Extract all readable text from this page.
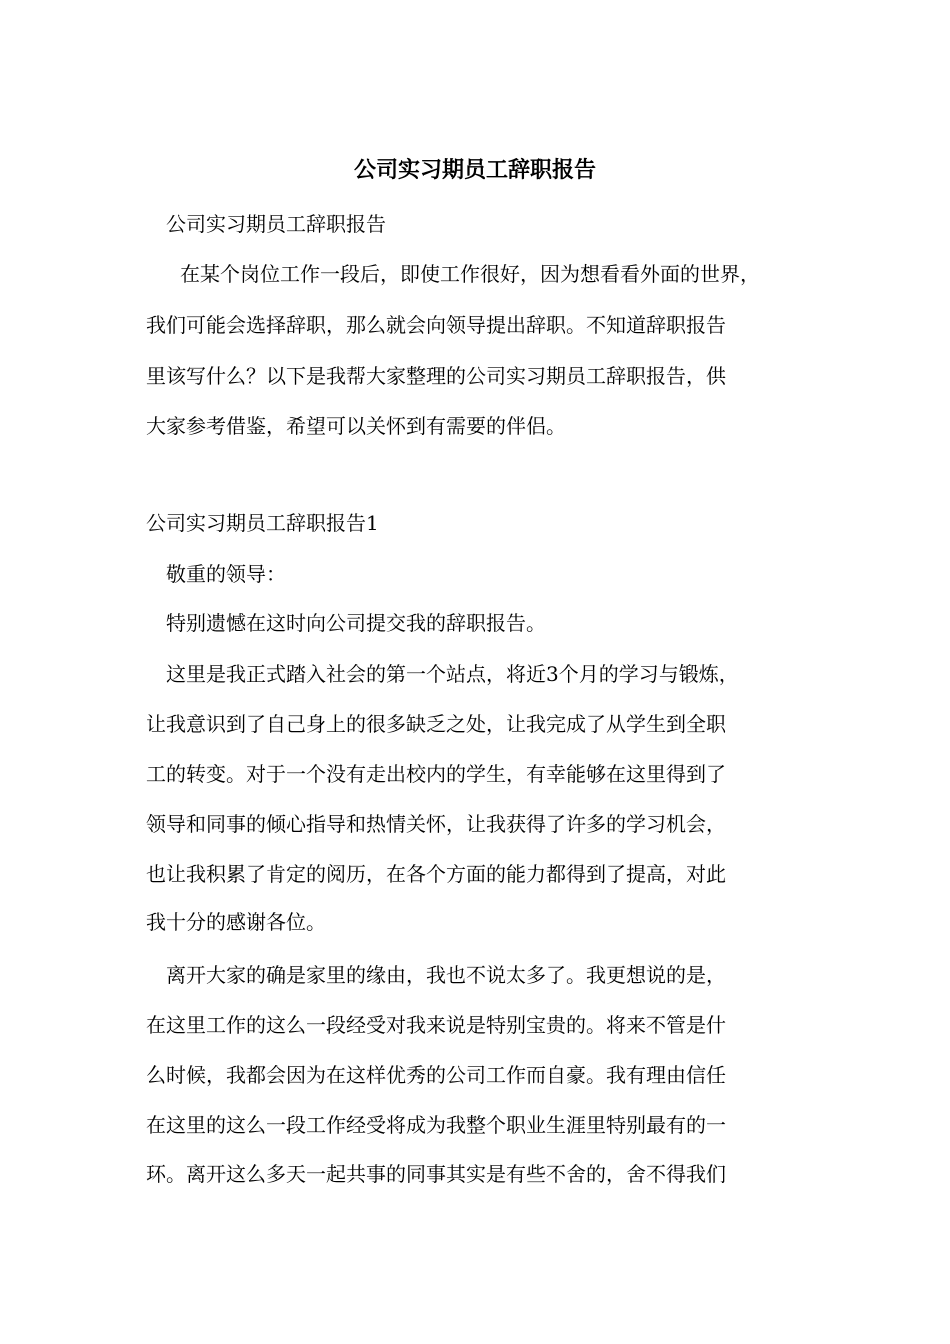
公司实习期员工辞职报告

公司实习期员工辞职报告

在某个岗位工作一段后，即使工作很好，因为想看看外面的世界，

我们可能会选择辞职，那么就会向领导提出辞职。不知道辞职报告

里该写什么？以下是我帮大家整理的公司实习期员工辞职报告，供

大家参考借鉴，希望可以关怀到有需要的伴侣。

公司实习期员工辞职报告1

敬重的领导：

特别遗憾在这时向公司提交我的辞职报告。

这里是我正式踏入社会的第一个站点，将近3个月的学习与锻炼，

让我意识到了自己身上的很多缺乏之处，让我完成了从学生到全职

工的转变。对于一个没有走出校内的学生，有幸能够在这里得到了

领导和同事的倾心指导和热情关怀，让我获得了许多的学习机会，

也让我积累了肯定的阅历，在各个方面的能力都得到了提高，对此

我十分的感谢各位。

离开大家的确是家里的缘由，我也不说太多了。我更想说的是，

在这里工作的这么一段经受对我来说是特别宝贵的。将来不管是什

么时候，我都会因为在这样优秀的公司工作而自豪。我有理由信任

在这里的这么一段工作经受将成为我整个职业生涯里特别最有的一

环。离开这么多天一起共事的同事其实是有些不舍的，舍不得我们
